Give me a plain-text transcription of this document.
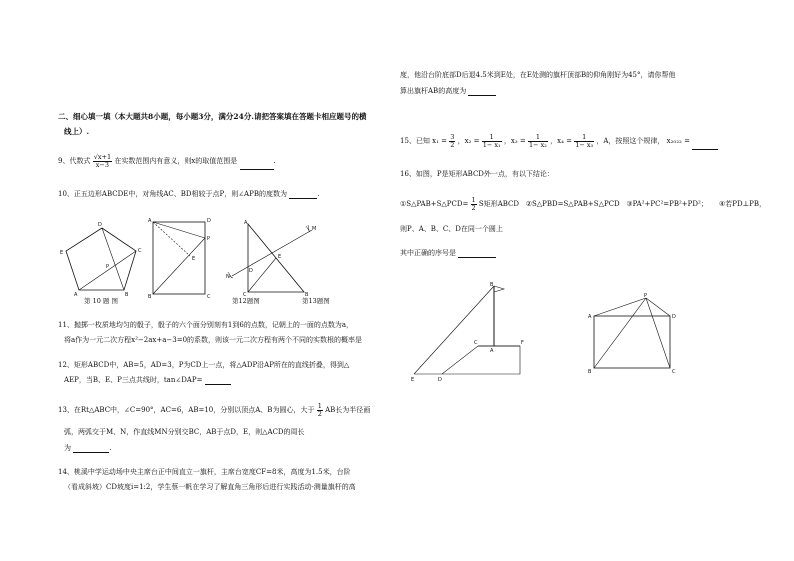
二、细心填一填（本大题共8小题，每小题3分，满分24分.请把答案填在答题卡相应题号的横
线上）.
9、代数式 $\frac{√x+1}{x-3}$ 在实数范围内有意义，则x的取值范围是	.
10、正五边形ABCDE中，对角线AC、BD相较于点P，则∠APB的度数为	.
D
C
B
A
E
P
第 10 题 图
A	D
P
E
B	C
A
C	B
D
E
M
N
第12题图	第13题图
11、抛掷一枚质地均匀的骰子，骰子的六个面分别刻有1到6的点数，记朝上的一面的点数为a，
将a作为一元二次方程x²−2ax+a−3=0的系数，则该一元二次方程有两个不同的实数根的概率是
12、矩形ABCD中，AB=5，AD=3，P为CD上一点，将△ADP沿AP所在的直线折叠，得到△
AEP，当B、E、P三点共线时，tan∠DAP=
13、在Rt△ABC中，∠C=90°，AC=6，AB=10，分别以顶点A、B为圆心，大于 $\frac{1}{2}$ AB长为半径画
弧，两弧交于M、N，作直线MN分别交BC，AB于点D，E，则△ACD的周长
为	.
14、桃溪中学运动场中央主席台正中间直立一旗杆，主席台宽度CF=8米，高度为1.5米，台阶
（看成斜坡）CD坡度i=1:2，学生蔡一帆在学习了解直角三角形后进行实践活动-测量旗杆的高
度，他沿台阶底部D后退4.5米到E处，在E处测的旗杆顶部B的仰角刚好为45°，请你帮他
算出旗杆AB的高度为
15、已知 $x_1 = \frac{3}{2}$ ，$x_2 = \frac{1}{\text{1− x₁}}$ ，$x_3 = \frac{1}{\text{1− x₂}}$ ，$x_4 = \frac{1}{\text{1− x₃}}$ ，A，按照这个规律， x₂₀₂₂ =
16、如图，P是矩形ABCD外一点，有以下结论：
①S△PAB+S△PCD= $\frac{1}{2}$ S矩形ABCD ②S△PBD=S△PAB+S△PCD ③PA²+PC²=PB²+PD²； ④若PD⊥PB，
则P、A、B、C、D在同一个圆上
其中正确的序号是
B
A
C
D
E
F
P
A	D
B	C
